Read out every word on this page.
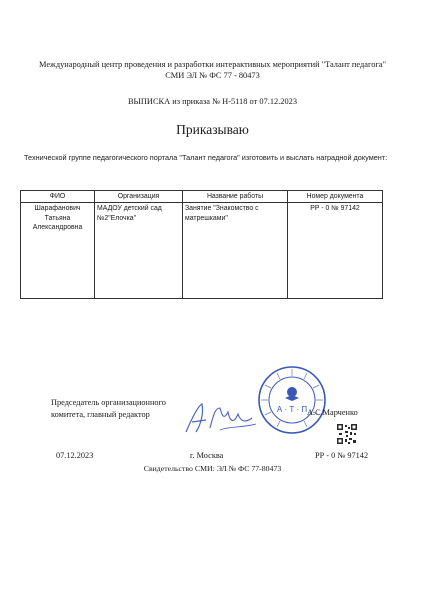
Международный центр проведения и разработки интерактивных мероприятий "Талант педагога"
СМИ ЭЛ № ФС 77 - 80473
ВЫПИСКА из приказа № Н-5118 от 07.12.2023
Приказываю
Технической группе педагогического портала "Талант педагога" изготовить и выслать наградной документ:
ФИО	Организация	Название работы	Номер документа
Шарафанович Татьяна Александровна	МАДОУ детский сад №2"Елочка"	Занятие "Знакомство с матрешками"	РР - 0 № 97142
Председатель организационного комитета, главный редактор	А · Т · П А.С.Марченко
07.12.2023	г. Москва	РР - 0 № 97142
Свидетельство СМИ: ЭЛ № ФС 77-80473
